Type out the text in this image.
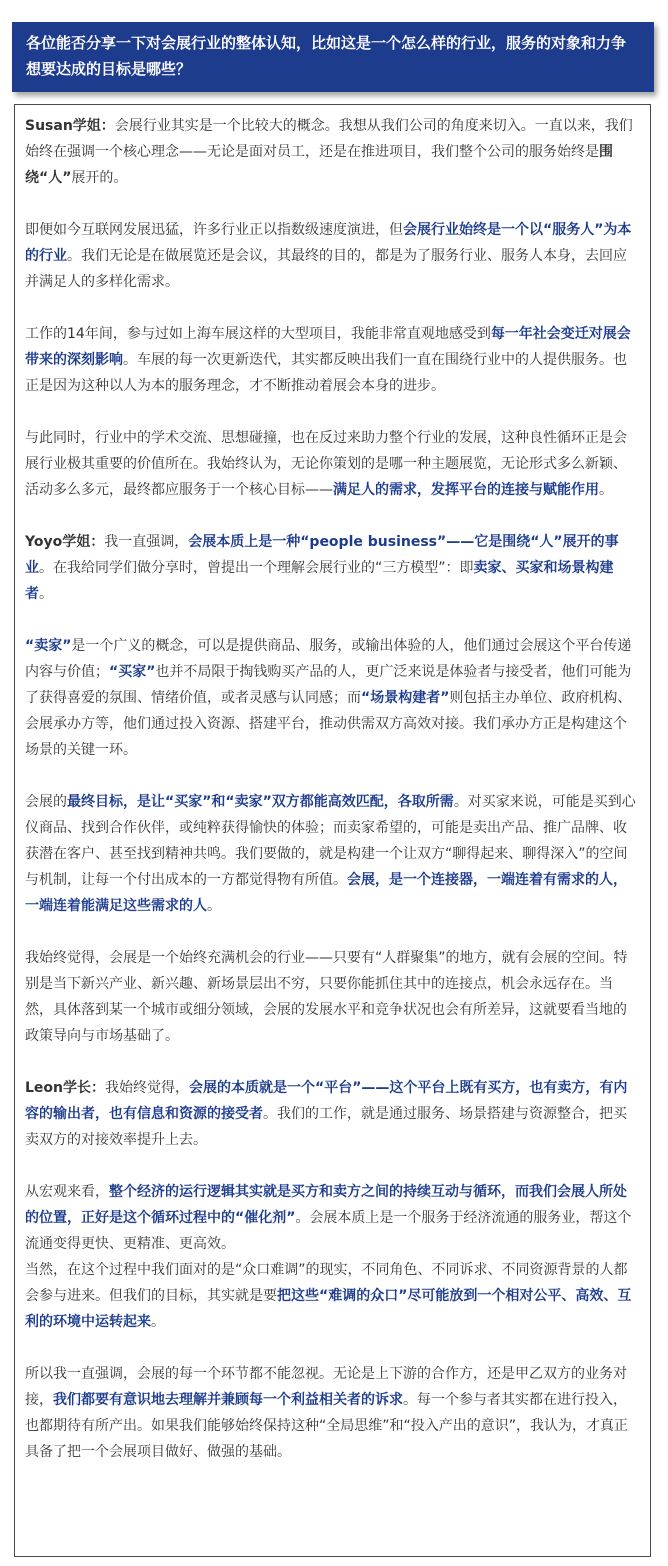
各位能否分享一下对会展行业的整体认知，比如这是一个怎么样的行业，服务的对象和力争想要达成的目标是哪些？

Susan学姐：会展行业其实是一个比较大的概念。我想从我们公司的角度来切入。一直以来，我们始终在强调一个核心理念——无论是面对员工，还是在推进项目，我们整个公司的服务始终是围绕“人”展开的。

即便如今互联网发展迅猛，许多行业正以指数级速度演进，但会展行业始终是一个以“服务人”为本的行业。我们无论是在做展览还是会议，其最终的目的，都是为了服务行业、服务人本身，去回应并满足人的多样化需求。

工作的14年间，参与过如上海车展这样的大型项目，我能非常直观地感受到每一年社会变迁对展会带来的深刻影响。车展的每一次更新迭代，其实都反映出我们一直在围绕行业中的人提供服务。也正是因为这种以人为本的服务理念，才不断推动着展会本身的进步。

与此同时，行业中的学术交流、思想碰撞，也在反过来助力整个行业的发展，这种良性循环正是会展行业极其重要的价值所在。我始终认为，无论你策划的是哪一种主题展览，无论形式多么新颖、活动多么多元，最终都应服务于一个核心目标——满足人的需求，发挥平台的连接与赋能作用。

Yoyo学姐：我一直强调，会展本质上是一种“people business”——它是围绕“人”展开的事业。在我给同学们做分享时，曾提出一个理解会展行业的“三方模型”：即卖家、买家和场景构建者。

“卖家”是一个广义的概念，可以是提供商品、服务，或输出体验的人，他们通过会展这个平台传递内容与价值；“买家”也并不局限于掏钱购买产品的人，更广泛来说是体验者与接受者，他们可能为了获得喜爱的氛围、情绪价值，或者灵感与认同感；而“场景构建者”则包括主办单位、政府机构、会展承办方等，他们通过投入资源、搭建平台，推动供需双方高效对接。我们承办方正是构建这个场景的关键一环。

会展的最终目标，是让“买家”和“卖家”双方都能高效匹配，各取所需。对买家来说，可能是买到心仪商品、找到合作伙伴，或纯粹获得愉快的体验；而卖家希望的，可能是卖出产品、推广品牌、收获潜在客户、甚至找到精神共鸣。我们要做的，就是构建一个让双方“聊得起来、聊得深入”的空间与机制，让每一个付出成本的一方都觉得物有所值。会展，是一个连接器，一端连着有需求的人，一端连着能满足这些需求的人。

我始终觉得，会展是一个始终充满机会的行业——只要有“人群聚集”的地方，就有会展的空间。特别是当下新兴产业、新兴趣、新场景层出不穷，只要你能抓住其中的连接点，机会永远存在。当然，具体落到某一个城市或细分领域，会展的发展水平和竞争状况也会有所差异，这就要看当地的政策导向与市场基础了。

Leon学长：我始终觉得，会展的本质就是一个“平台”——这个平台上既有买方，也有卖方，有内容的输出者，也有信息和资源的接受者。我们的工作，就是通过服务、场景搭建与资源整合，把买卖双方的对接效率提升上去。

从宏观来看，整个经济的运行逻辑其实就是买方和卖方之间的持续互动与循环，而我们会展人所处的位置，正好是这个循环过程中的“催化剂”。会展本质上是一个服务于经济流通的服务业，帮这个流通变得更快、更精准、更高效。

当然，在这个过程中我们面对的是“众口难调”的现实，不同角色、不同诉求、不同资源背景的人都会参与进来。但我们的目标，其实就是要把这些“难调的众口”尽可能放到一个相对公平、高效、互利的环境中运转起来。

所以我一直强调，会展的每一个环节都不能忽视。无论是上下游的合作方，还是甲乙双方的业务对接，我们都要有意识地去理解并兼顾每一个利益相关者的诉求。每一个参与者其实都在进行投入，也都期待有所产出。如果我们能够始终保持这种“全局思维”和“投入产出的意识”，我认为，才真正具备了把一个会展项目做好、做强的基础。
